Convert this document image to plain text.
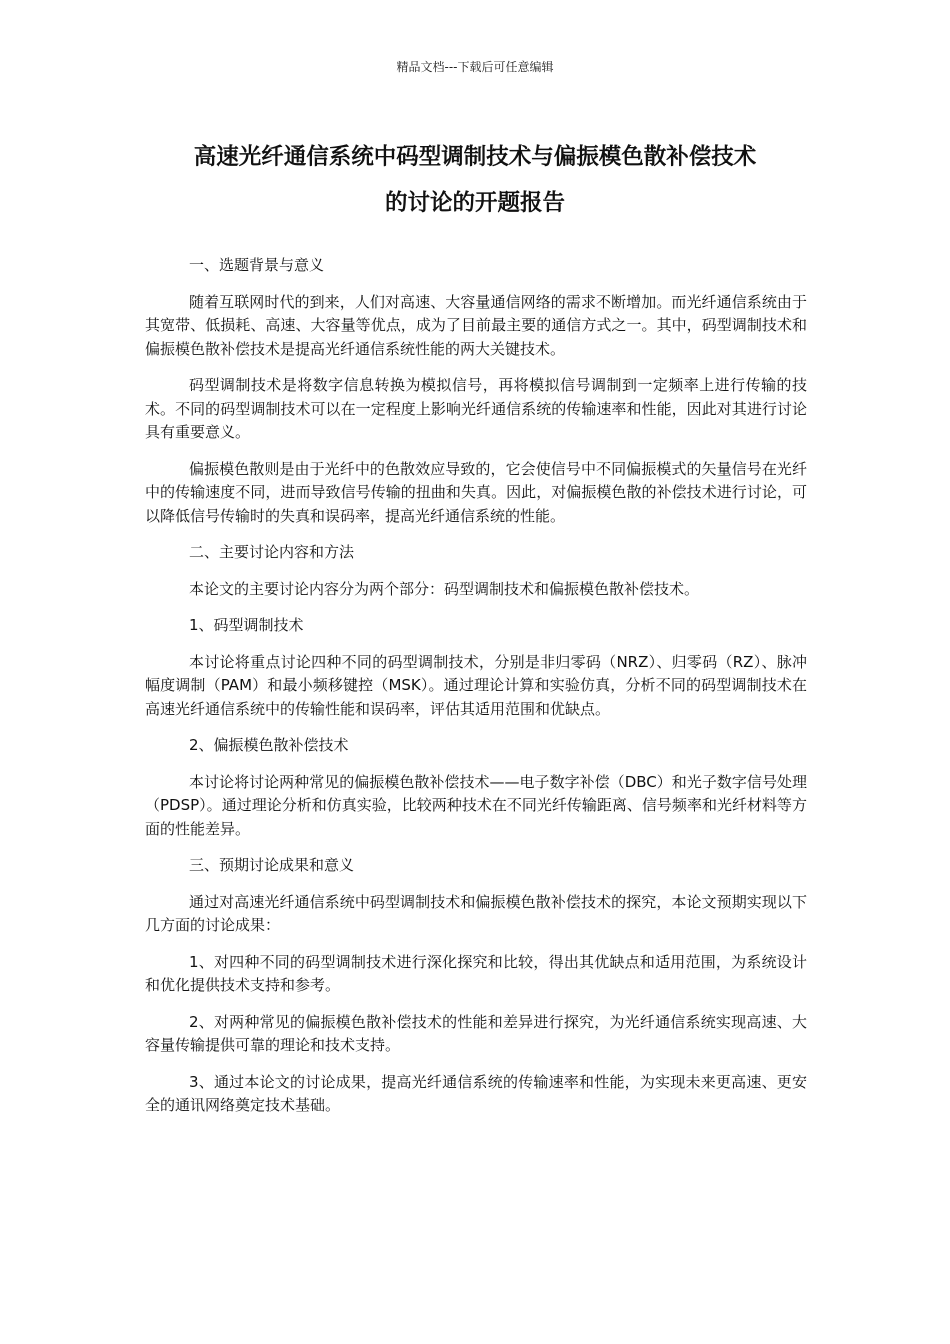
精品文档---下载后可任意编辑
高速光纤通信系统中码型调制技术与偏振模色散补偿技术
的讨论的开题报告

一、选题背景与意义

随着互联网时代的到来，人们对高速、大容量通信网络的需求不断增加。而光纤通信系统由于其宽带、低损耗、高速、大容量等优点，成为了目前最主要的通信方式之一。其中，码型调制技术和偏振模色散补偿技术是提高光纤通信系统性能的两大关键技术。

码型调制技术是将数字信息转换为模拟信号，再将模拟信号调制到一定频率上进行传输的技术。不同的码型调制技术可以在一定程度上影响光纤通信系统的传输速率和性能，因此对其进行讨论具有重要意义。

偏振模色散则是由于光纤中的色散效应导致的，它会使信号中不同偏振模式的矢量信号在光纤中的传输速度不同，进而导致信号传输的扭曲和失真。因此，对偏振模色散的补偿技术进行讨论，可以降低信号传输时的失真和误码率，提高光纤通信系统的性能。

二、主要讨论内容和方法

本论文的主要讨论内容分为两个部分：码型调制技术和偏振模色散补偿技术。

1、码型调制技术

本讨论将重点讨论四种不同的码型调制技术，分别是非归零码（NRZ）、归零码（RZ）、脉冲幅度调制（PAM）和最小频移键控（MSK）。通过理论计算和实验仿真，分析不同的码型调制技术在高速光纤通信系统中的传输性能和误码率，评估其适用范围和优缺点。

2、偏振模色散补偿技术

本讨论将讨论两种常见的偏振模色散补偿技术——电子数字补偿（DBC）和光子数字信号处理（PDSP）。通过理论分析和仿真实验，比较两种技术在不同光纤传输距离、信号频率和光纤材料等方面的性能差异。

三、预期讨论成果和意义

通过对高速光纤通信系统中码型调制技术和偏振模色散补偿技术的探究，本论文预期实现以下几方面的讨论成果：

1、对四种不同的码型调制技术进行深化探究和比较，得出其优缺点和适用范围，为系统设计和优化提供技术支持和参考。

2、对两种常见的偏振模色散补偿技术的性能和差异进行探究，为光纤通信系统实现高速、大容量传输提供可靠的理论和技术支持。

3、通过本论文的讨论成果，提高光纤通信系统的传输速率和性能，为实现未来更高速、更安全的通讯网络奠定技术基础。
